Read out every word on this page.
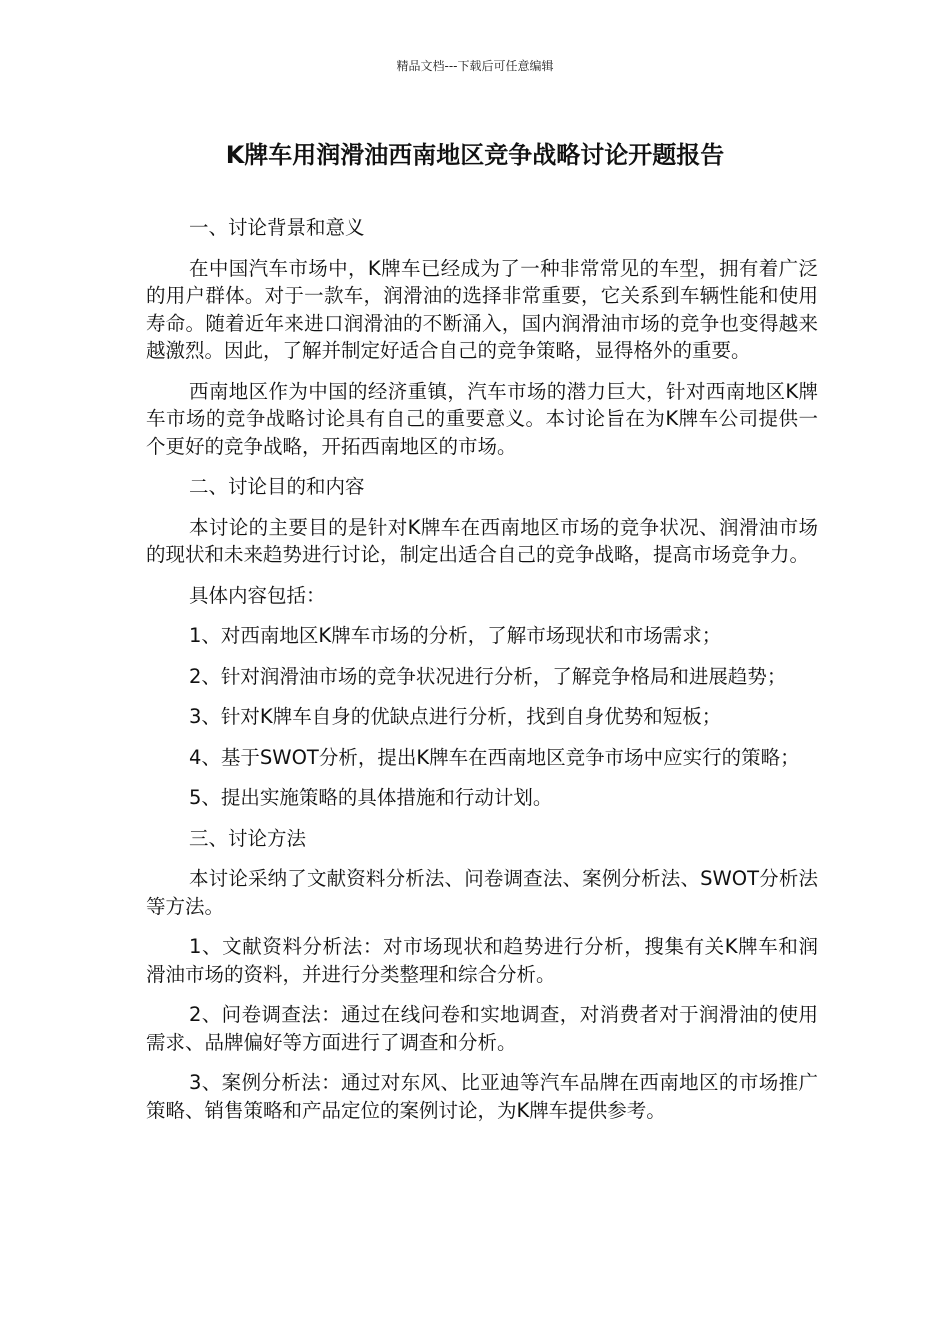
精品文档---下载后可任意编辑
K牌车用润滑油西南地区竞争战略讨论开题报告

一、讨论背景和意义

在中国汽车市场中，K牌车已经成为了一种非常常见的车型，拥有着广泛的用户群体。对于一款车，润滑油的选择非常重要，它关系到车辆性能和使用寿命。随着近年来进口润滑油的不断涌入，国内润滑油市场的竞争也变得越来越激烈。因此，了解并制定好适合自己的竞争策略，显得格外的重要。

西南地区作为中国的经济重镇，汽车市场的潜力巨大，针对西南地区K牌车市场的竞争战略讨论具有自己的重要意义。本讨论旨在为K牌车公司提供一个更好的竞争战略，开拓西南地区的市场。

二、讨论目的和内容

本讨论的主要目的是针对K牌车在西南地区市场的竞争状况、润滑油市场的现状和未来趋势进行讨论，制定出适合自己的竞争战略，提高市场竞争力。

具体内容包括：

1、对西南地区K牌车市场的分析，了解市场现状和市场需求；

2、针对润滑油市场的竞争状况进行分析，了解竞争格局和进展趋势；

3、针对K牌车自身的优缺点进行分析，找到自身优势和短板；

4、基于SWOT分析，提出K牌车在西南地区竞争市场中应实行的策略；

5、提出实施策略的具体措施和行动计划。

三、讨论方法

本讨论采纳了文献资料分析法、问卷调查法、案例分析法、SWOT分析法等方法。

1、文献资料分析法：对市场现状和趋势进行分析，搜集有关K牌车和润滑油市场的资料，并进行分类整理和综合分析。

2、问卷调查法：通过在线问卷和实地调查，对消费者对于润滑油的使用需求、品牌偏好等方面进行了调查和分析。

3、案例分析法：通过对东风、比亚迪等汽车品牌在西南地区的市场推广策略、销售策略和产品定位的案例讨论，为K牌车提供参考。
